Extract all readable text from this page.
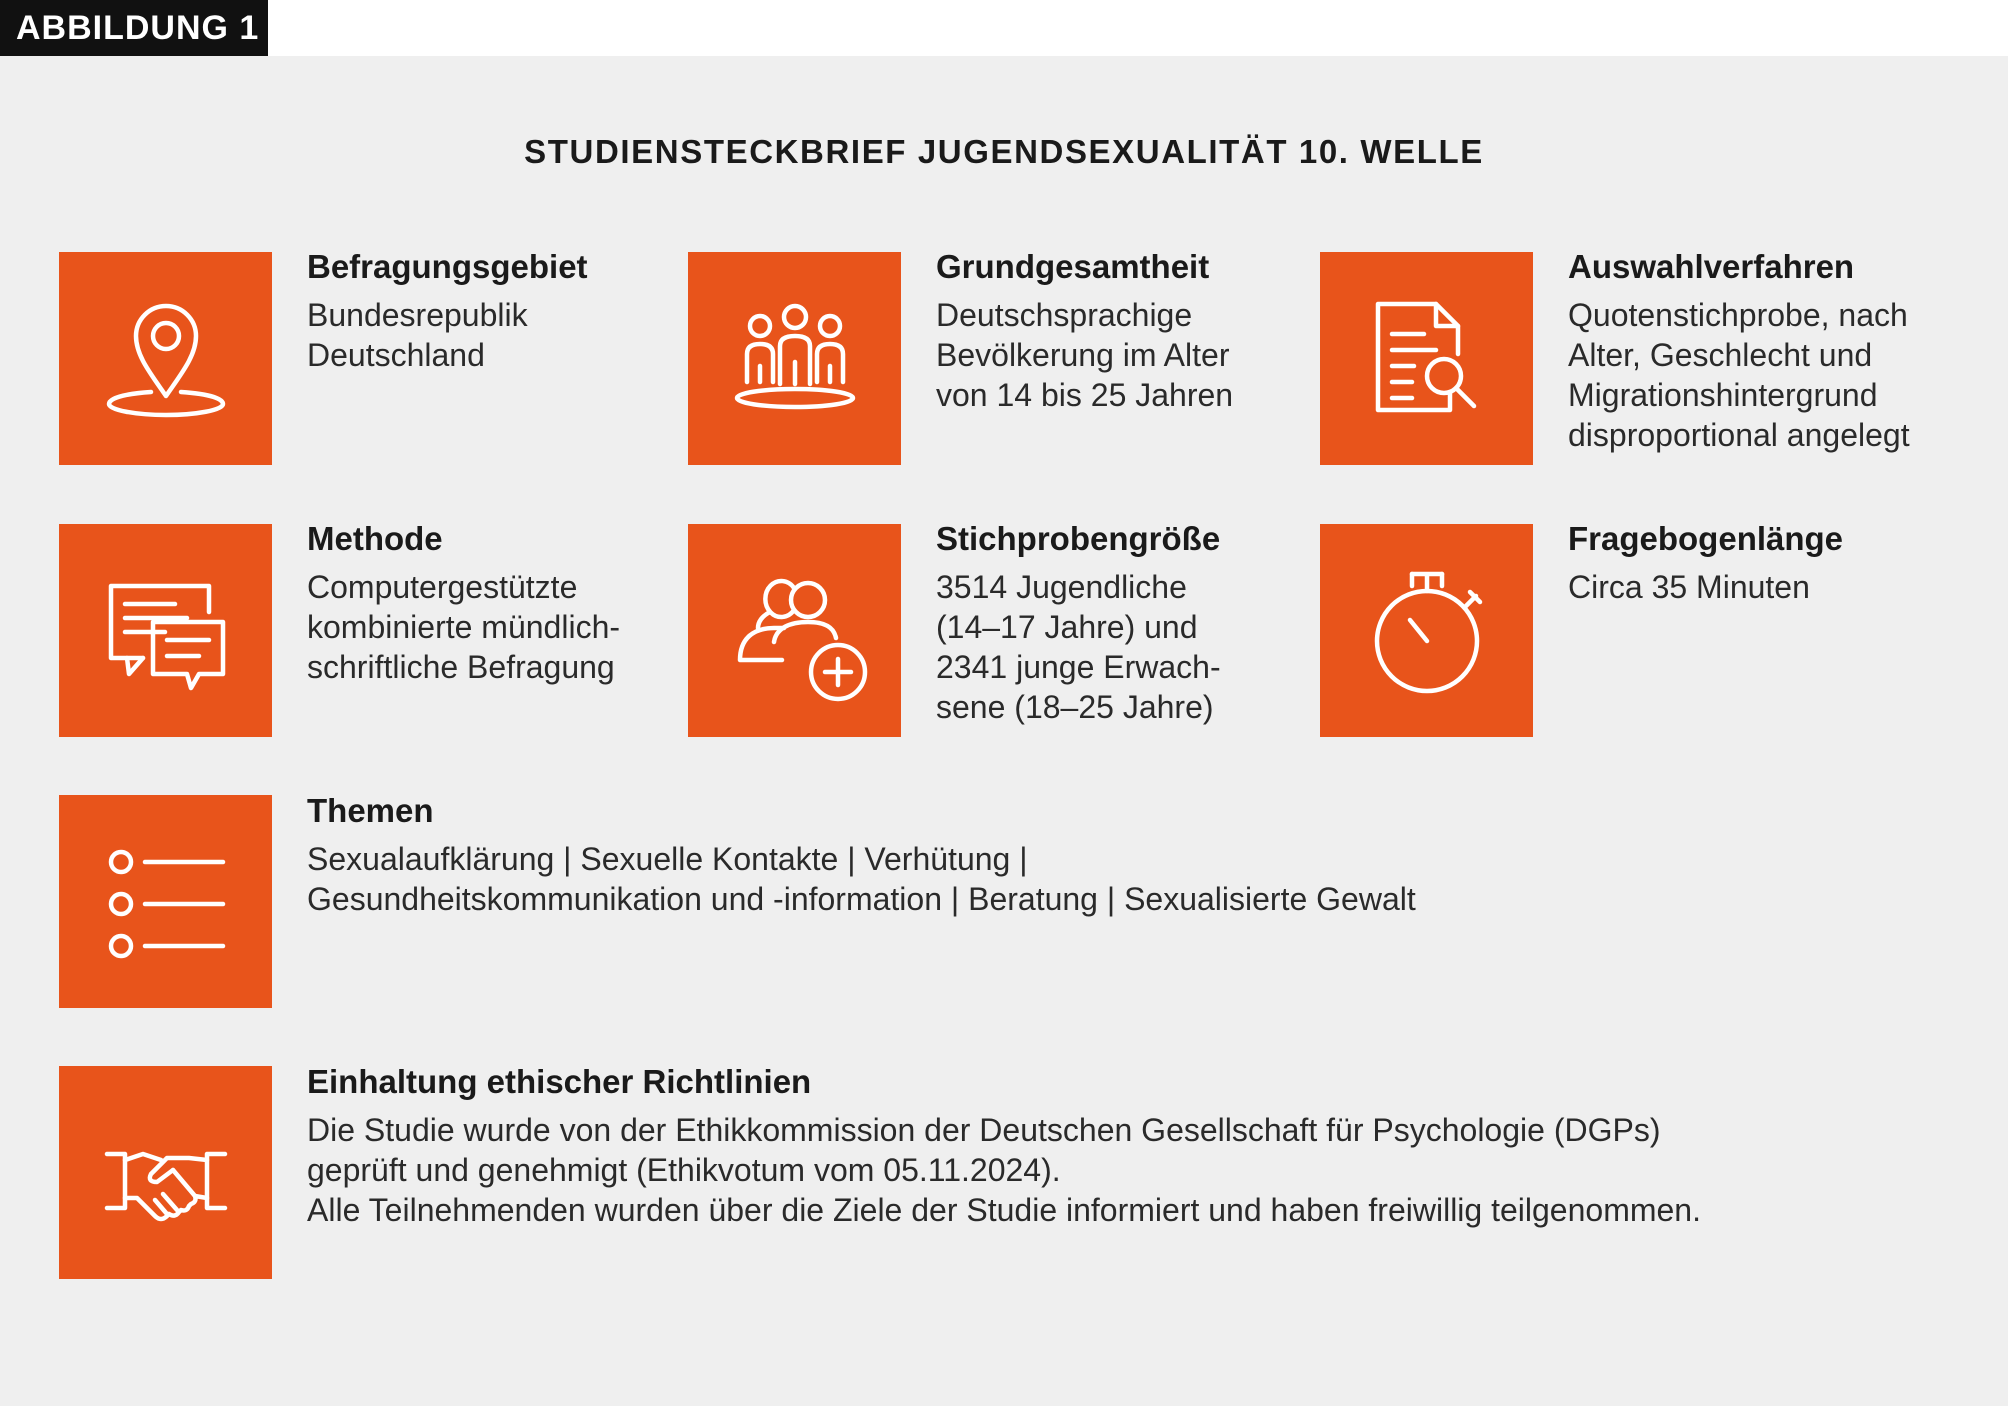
ABBILDUNG 1
STUDIENSTECKBRIEF JUGENDSEXUALITÄT 10. WELLE
Befragungsgebiet
Bundesrepublik
Deutschland
Grundgesamtheit
Deutschsprachige
Bevölkerung im Alter
von 14 bis 25 Jahren
Auswahlverfahren
Quotenstichprobe, nach
Alter, Geschlecht und
Migrationshintergrund
disproportional angelegt
Methode
Computergestützte
kombinierte mündlich-
schriftliche Befragung
Stichprobengröße
3514 Jugendliche
(14–17 Jahre) und
2341 junge Erwach-
sene (18–25 Jahre)
Fragebogenlänge
Circa 35 Minuten
Themen
Sexualaufklärung | Sexuelle Kontakte | Verhütung |
Gesundheitskommunikation und -information | Beratung | Sexualisierte Gewalt
Einhaltung ethischer Richtlinien
Die Studie wurde von der Ethikkommission der Deutschen Gesellschaft für Psychologie (DGPs)
geprüft und genehmigt (Ethikvotum vom 05.11.2024).
Alle Teilnehmenden wurden über die Ziele der Studie informiert und haben freiwillig teilgenommen.
